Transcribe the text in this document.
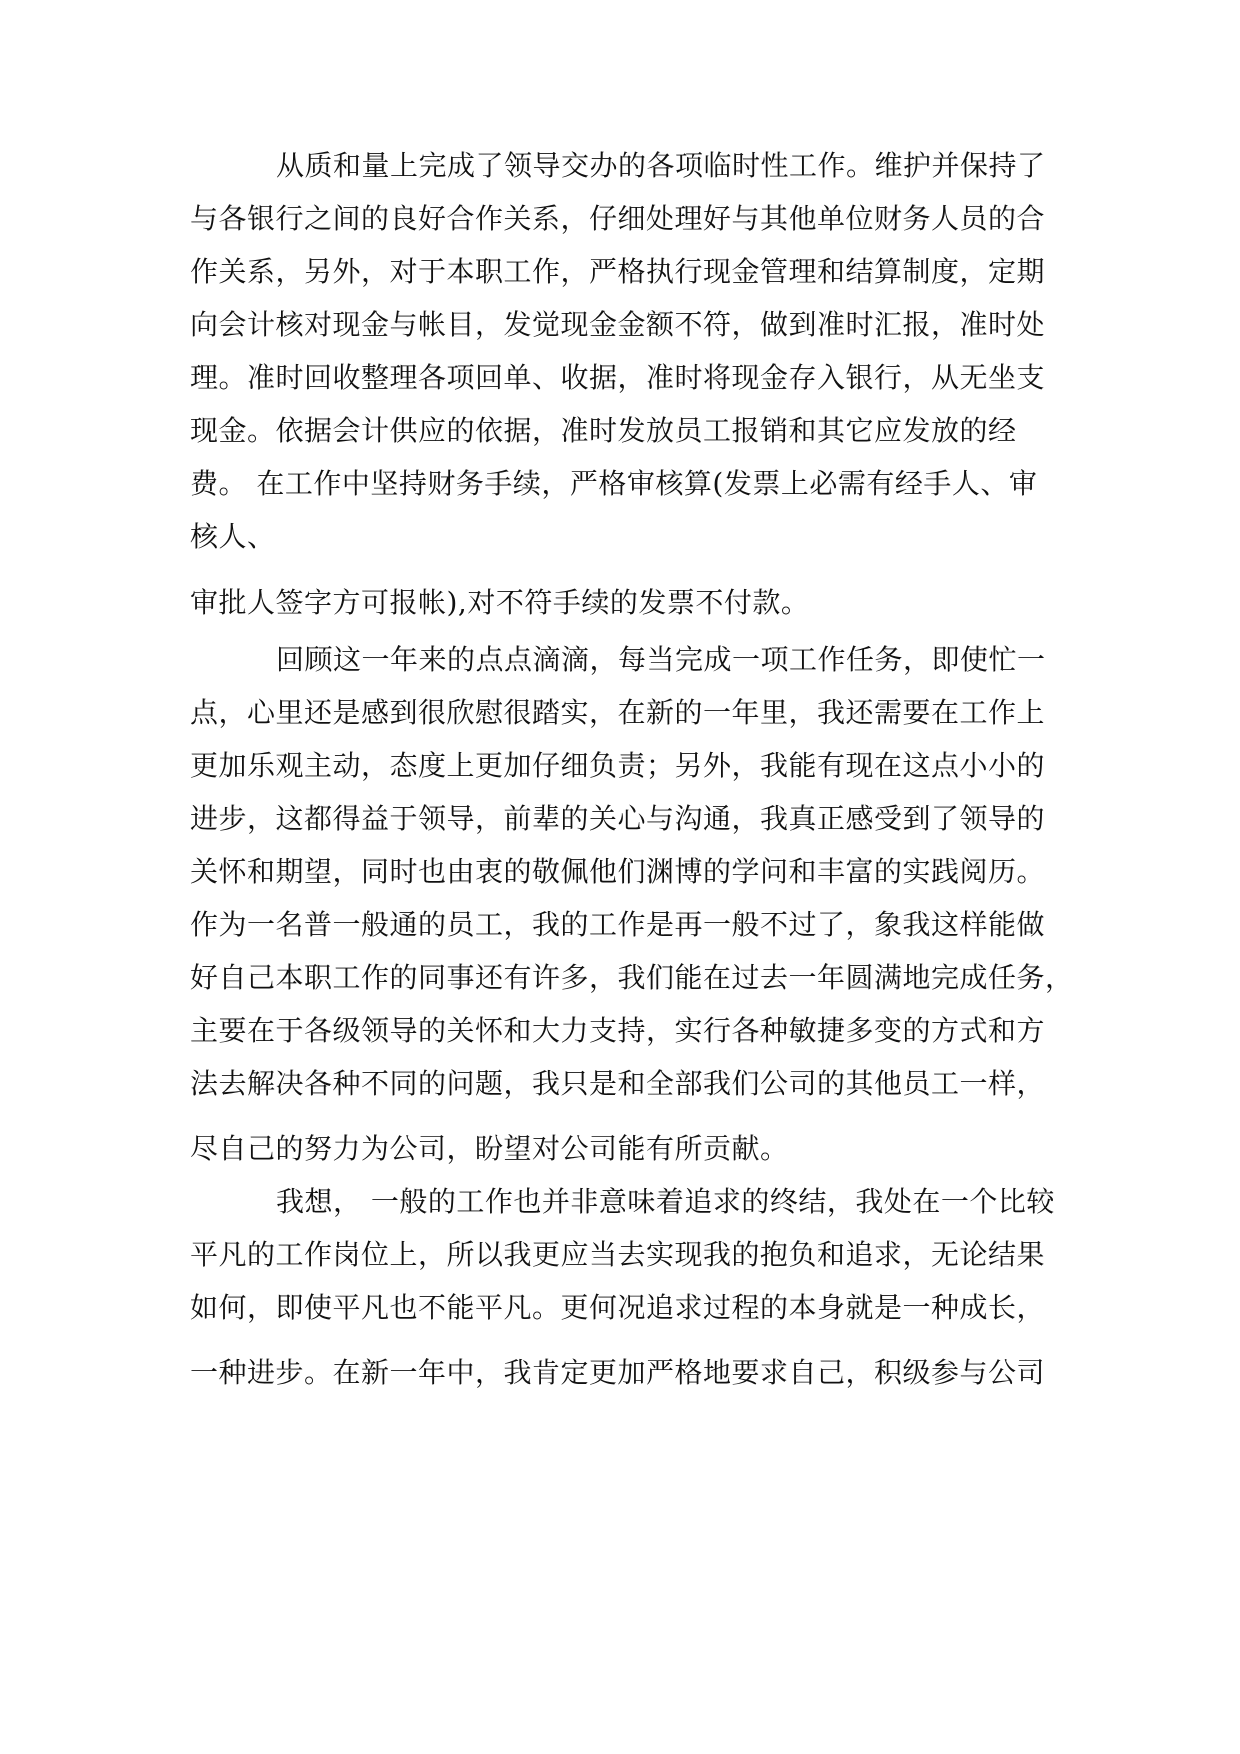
从质和量上完成了领导交办的各项临时性工作。维护并保持了
与各银行之间的良好合作关系，仔细处理好与其他单位财务人员的合
作关系，另外，对于本职工作，严格执行现金管理和结算制度，定期
向会计核对现金与帐目，发觉现金金额不符，做到准时汇报，准时处
理。准时回收整理各项回单、收据，准时将现金存入银行，从无坐支
现金。依据会计供应的依据，准时发放员工报销和其它应发放的经
费。 在工作中坚持财务手续，严格审核算(发票上必需有经手人、审
核人、
审批人签字方可报帐),对不符手续的发票不付款。
回顾这一年来的点点滴滴，每当完成一项工作任务，即使忙一
点，心里还是感到很欣慰很踏实，在新的一年里，我还需要在工作上
更加乐观主动，态度上更加仔细负责；另外，我能有现在这点小小的
进步，这都得益于领导，前辈的关心与沟通，我真正感受到了领导的
关怀和期望，同时也由衷的敬佩他们渊博的学问和丰富的实践阅历。
作为一名普一般通的员工，我的工作是再一般不过了，象我这样能做
好自己本职工作的同事还有许多，我们能在过去一年圆满地完成任务，
主要在于各级领导的关怀和大力支持，实行各种敏捷多变的方式和方
法去解决各种不同的问题，我只是和全部我们公司的其他员工一样，
尽自己的努力为公司，盼望对公司能有所贡献。
我想， 一般的工作也并非意味着追求的终结，我处在一个比较
平凡的工作岗位上，所以我更应当去实现我的抱负和追求，无论结果
如何，即使平凡也不能平凡。更何况追求过程的本身就是一种成长，
一种进步。在新一年中，我肯定更加严格地要求自己，积级参与公司
